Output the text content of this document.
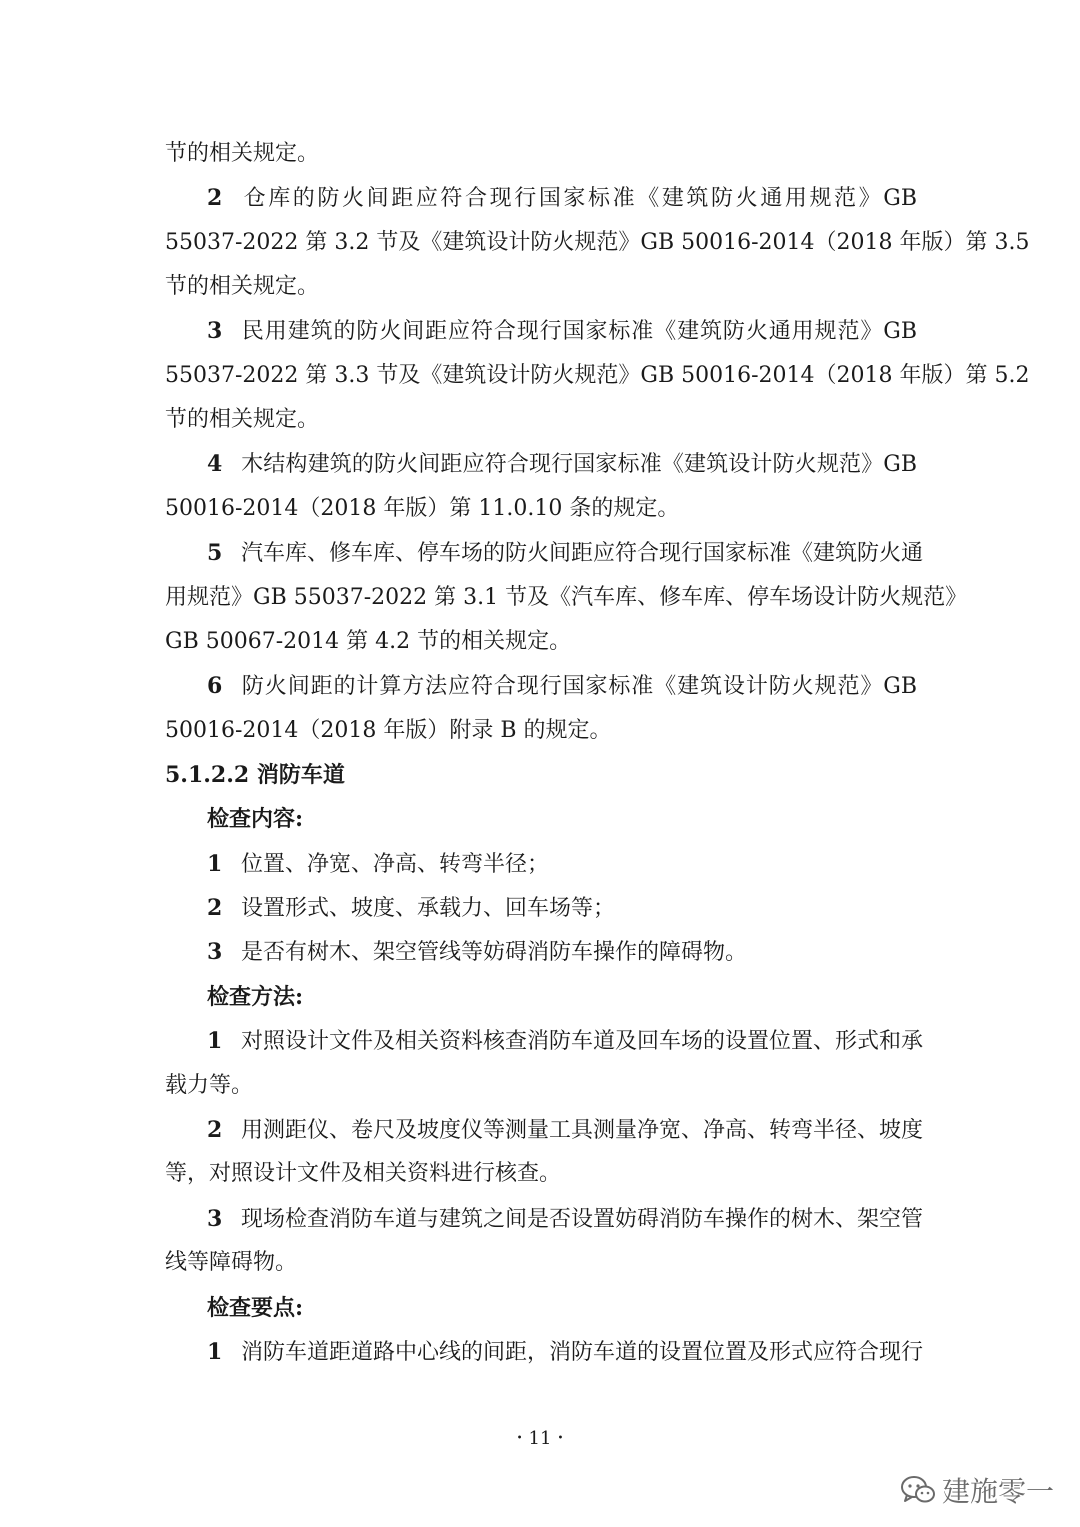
节的相关规定。
2 仓库的防火间距应符合现行国家标准《建筑防火通用规范》GB
55037-2022 第 3.2 节及《建筑设计防火规范》GB 50016-2014（2018 年版）第 3.5
节的相关规定。
3 民用建筑的防火间距应符合现行国家标准《建筑防火通用规范》GB
55037-2022 第 3.3 节及《建筑设计防火规范》GB 50016-2014（2018 年版）第 5.2
节的相关规定。
4 木结构建筑的防火间距应符合现行国家标准《建筑设计防火规范》GB
50016-2014（2018 年版）第 11.0.10 条的规定。
5 汽车库、修车库、停车场的防火间距应符合现行国家标准《建筑防火通
用规范》GB 55037-2022 第 3.1 节及《汽车库、修车库、停车场设计防火规范》
GB 50067-2014 第 4.2 节的相关规定。
6 防火间距的计算方法应符合现行国家标准《建筑设计防火规范》GB
50016-2014（2018 年版）附录 B 的规定。
5.1.2.2 消防车道
检查内容:
1 位置、净宽、净高、转弯半径；
2 设置形式、坡度、承载力、回车场等；
3 是否有树木、架空管线等妨碍消防车操作的障碍物。
检查方法:
1 对照设计文件及相关资料核查消防车道及回车场的设置位置、形式和承
载力等。
2 用测距仪、卷尺及坡度仪等测量工具测量净宽、净高、转弯半径、坡度
等，对照设计文件及相关资料进行核查。
3 现场检查消防车道与建筑之间是否设置妨碍消防车操作的树木、架空管
线等障碍物。
检查要点:
1 消防车道距道路中心线的间距，消防车道的设置位置及形式应符合现行
• 11 •
建施零一
